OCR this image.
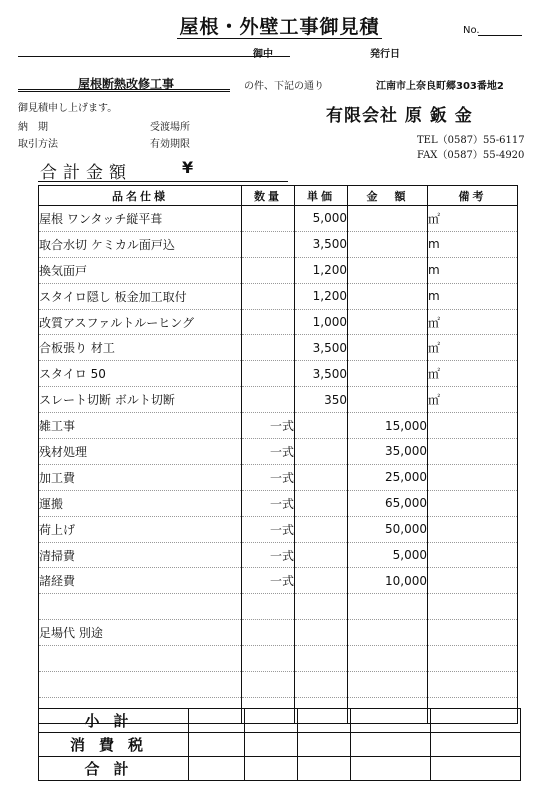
屋根・外壁工事御見積	No.
御中	発行日
屋根断熱改修工事	の件、下記の通り	江南市上奈良町郷303番地2
御見積申し上げます。
納　期	受渡場所
取引方法	有効期限
有限会社 原 鈑 金
TEL（0587）55-6117
FAX（0587）55-4920
合計金額	¥
品名仕様	数量	単価	金　額	備考
屋根 ワンタッチ縦平葺		5,000		㎡
取合水切 ケミカル面戸込		3,500		m
換気面戸		1,200		m
スタイロ隠し 板金加工取付		1,200		m
改質アスファルトルーヒング		1,000		㎡
合板張り 材工		3,500		㎡
スタイロ 50		3,500		㎡
スレート切断 ボルト切断		350		㎡
雑工事	一式		15,000	
残材処理	一式		35,000	
加工費	一式		25,000	
運搬	一式		65,000	
荷上げ	一式		50,000	
清掃費	一式		5,000	
諸経費	一式		10,000	

足場代 別途				

小計					
消費税					
合計					
